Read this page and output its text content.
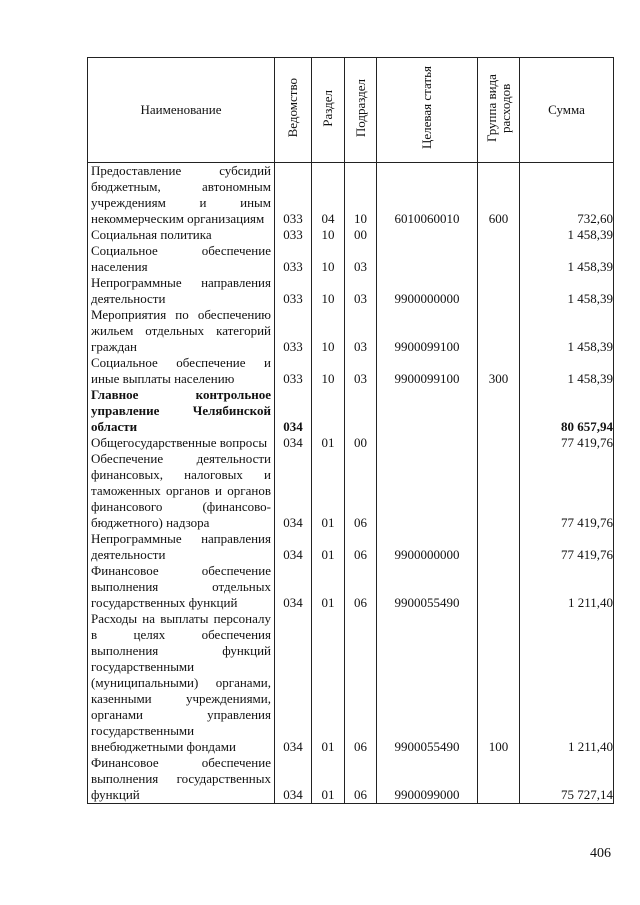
Наименование	Ведомство	Раздел	Подраздел	Целевая статья	Группа вида расходов	Сумма
Предоставление субсидий бюджетным, автономным учреждениям и иным некоммерческим организациям	033	04	10	6010060010	600	732,60
Социальная политика	033	10	00			1 458,39
Социальное обеспечение населения	033	10	03			1 458,39
Непрограммные направления деятельности	033	10	03	9900000000		1 458,39
Мероприятия по обеспечению жильем отдельных категорий граждан	033	10	03	9900099100		1 458,39
Социальное обеспечение и иные выплаты населению	033	10	03	9900099100	300	1 458,39
Главное контрольное управление Челябинской области	034					80 657,94
Общегосударственные вопросы	034	01	00			77 419,76
Обеспечение деятельности финансовых, налоговых и таможенных органов и органов финансового (финансово-бюджетного) надзора	034	01	06			77 419,76
Непрограммные направления деятельности	034	01	06	9900000000		77 419,76
Финансовое обеспечение выполнения отдельных государственных функций	034	01	06	9900055490		1 211,40
Расходы на выплаты персоналу в целях обеспечения выполнения функций государственными (муниципальными) органами, казенными учреждениями, органами управления государственными внебюджетными фондами	034	01	06	9900055490	100	1 211,40
Финансовое обеспечение выполнения государственных функций	034	01	06	9900099000		75 727,14
406
